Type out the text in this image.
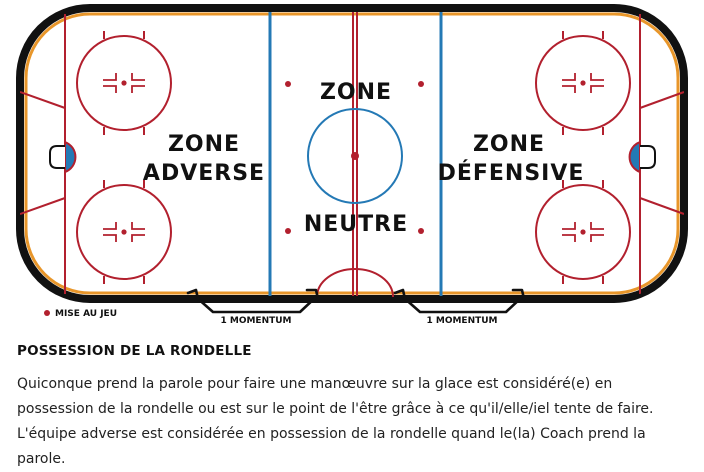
ZONE
ADVERSE
ZONE
NEUTRE
ZONE
DÉFENSIVE
1 MOMENTUM	1 MOMENTUM
MISE AU JEU
POSSESSION DE LA RONDELLE

Quiconque prend la parole pour faire une manœuvre sur la glace est considéré(e) en possession de la rondelle ou est sur le point de l'être grâce à ce qu'il/elle/iel tente de faire. L'équipe adverse est considérée en possession de la rondelle quand le(la) Coach prend la parole.
